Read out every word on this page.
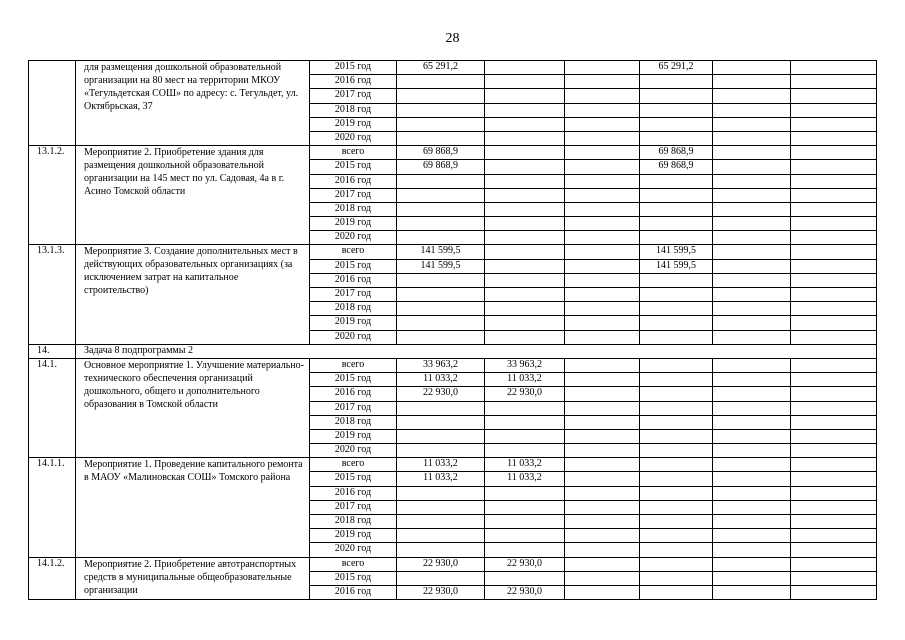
28
	для размещения дошкольной образовательной организации на 80 мест на территории МКОУ «Тегульдетская СОШ» по адресу: с. Тегульдет, ул. Октябрьская, 37	2015 год	65 291,2			65 291,2		
		2016 год						
		2017 год						
		2018 год						
		2019 год						
		2020 год						
13.1.2.	Мероприятие 2. Приобретение здания для размещения дошкольной образовательной организации на 145 мест по ул. Садовая, 4а в г. Асино Томской области	всего	69 868,9			69 868,9		
		2015 год	69 868,9			69 868,9		
		2016 год						
		2017 год						
		2018 год						
		2019 год						
		2020 год						
13.1.3.	Мероприятие 3. Создание дополнительных мест в действующих образовательных организациях (за исключением затрат на капитальное строительство)	всего	141 599,5			141 599,5		
		2015 год	141 599,5			141 599,5		
		2016 год						
		2017 год						
		2018 год						
		2019 год						
		2020 год						
14.	Задача 8 подпрограммы 2							
14.1.	Основное мероприятие 1. Улучшение материально-технического обеспечения организаций дошкольного, общего и дополнительного образования в Томской области	всего	33 963,2	33 963,2				
		2015 год	11 033,2	11 033,2				
		2016 год	22 930,0	22 930,0				
		2017 год						
		2018 год						
		2019 год						
		2020 год						
14.1.1.	Мероприятие 1. Проведение капитального ремонта в МАОУ «Малиновская СОШ» Томского района	всего	11 033,2	11 033,2				
		2015 год	11 033,2	11 033,2				
		2016 год						
		2017 год						
		2018 год						
		2019 год						
		2020 год						
14.1.2.	Мероприятие 2. Приобретение автотранспортных средств в муниципальные общеобразовательные организации	всего	22 930,0	22 930,0				
		2015 год						
		2016 год	22 930,0	22 930,0				
